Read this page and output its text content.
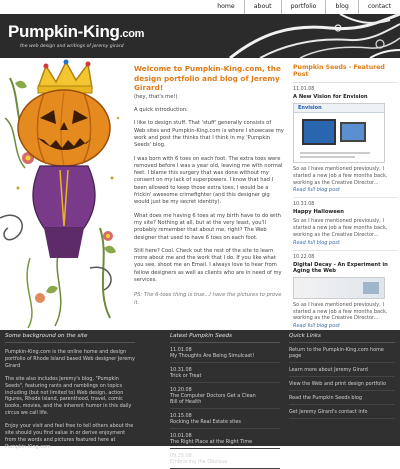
home	about	portfolio	blog	contact
Pumpkin-King.com
the web design and writings of jeremy girard
Welcome to Pumpkin-King.com, the design portfolio and blog of Jeremy Girard!

(hey, that's me!)

A quick introduction:

I like to design stuff. That 'stuff' generally consists of Web sites and Pumpkin-King.com is where I showcase my work and post the thinks that I think in my 'Pumpkin Seeds' blog.

I was born with 6 toes on each foot. The extra toes were removed before I was a year old, leaving me with normal feet. I blame this surgery that was done without my consent on my lack of superpowers. I know that had I been allowed to keep those extra toes, I would be a frickin' awesome crimefighter (and this designer gig would just be my secret identity).

What does me having 6 toes at my birth have to do with my site? Nothing at all, but at the very least, you'll probably remember that about me, right? The Web designer that used to have 6 toes on each foot.

Still here? Cool. Check out the rest of the site to learn more about me and the work that I do. If you like what you see, shoot me an Email. I always love to hear from fellow designers as well as clients who are in need of my services.

PS: The 6-toes thing is true...I have the pictures to prove it.

Pumpkin Seeds - Featured Post
11.01.08
A New Vision for Envision
Envision
So as I have mentioned previously, I started a new job a few months back, working as the Creative Director...
Read full blog post
10.31.08
Happy Halloween
So as I have mentioned previously, I started a new job a few months back, working as the Creative Director...
Read full blog post
10.22.08
Digital Decay - An Experiment in Aging the Web
So as I have mentioned previously, I started a new job a few months back, working as the Creative Director...
Read full blog post
Some background on the site

Pumpkin-King.com is the online home and design portfolio of Rhode Island based Web designer Jeremy Girard

The site also includes Jeremy's blog, "Pumpkin Seeds", featuring rants and ramblings on topics including (but not limited to) Web design, action figures, Rhode Island, parenthood, travel, comic books, movies, and the inherent humor in this daily circus we call life.

Enjoy your visit and feel free to tell others about the site should you find value in or derive enjoyment from the words and pictures featured here at Pumpkin-King.com.

Latest Pumpkin Seeds
11.01.08My Thoughts Are Being Simulcast!
10.31.08Trick or Treat
10.20.08The Computer Doctors Get a Clean Bill of Health
10.15.08Rocking the Real Estate sites
10.01.08The Right Place at the Right Time
09.25.08Embracing the Obvious
Quick Links
Return to the Pumpkin-King.com home page
Learn more about Jeremy Girard
View the Web and print design portfolio
Read the Pumpkin Seeds blog
Get Jeremy Girard's contact info
